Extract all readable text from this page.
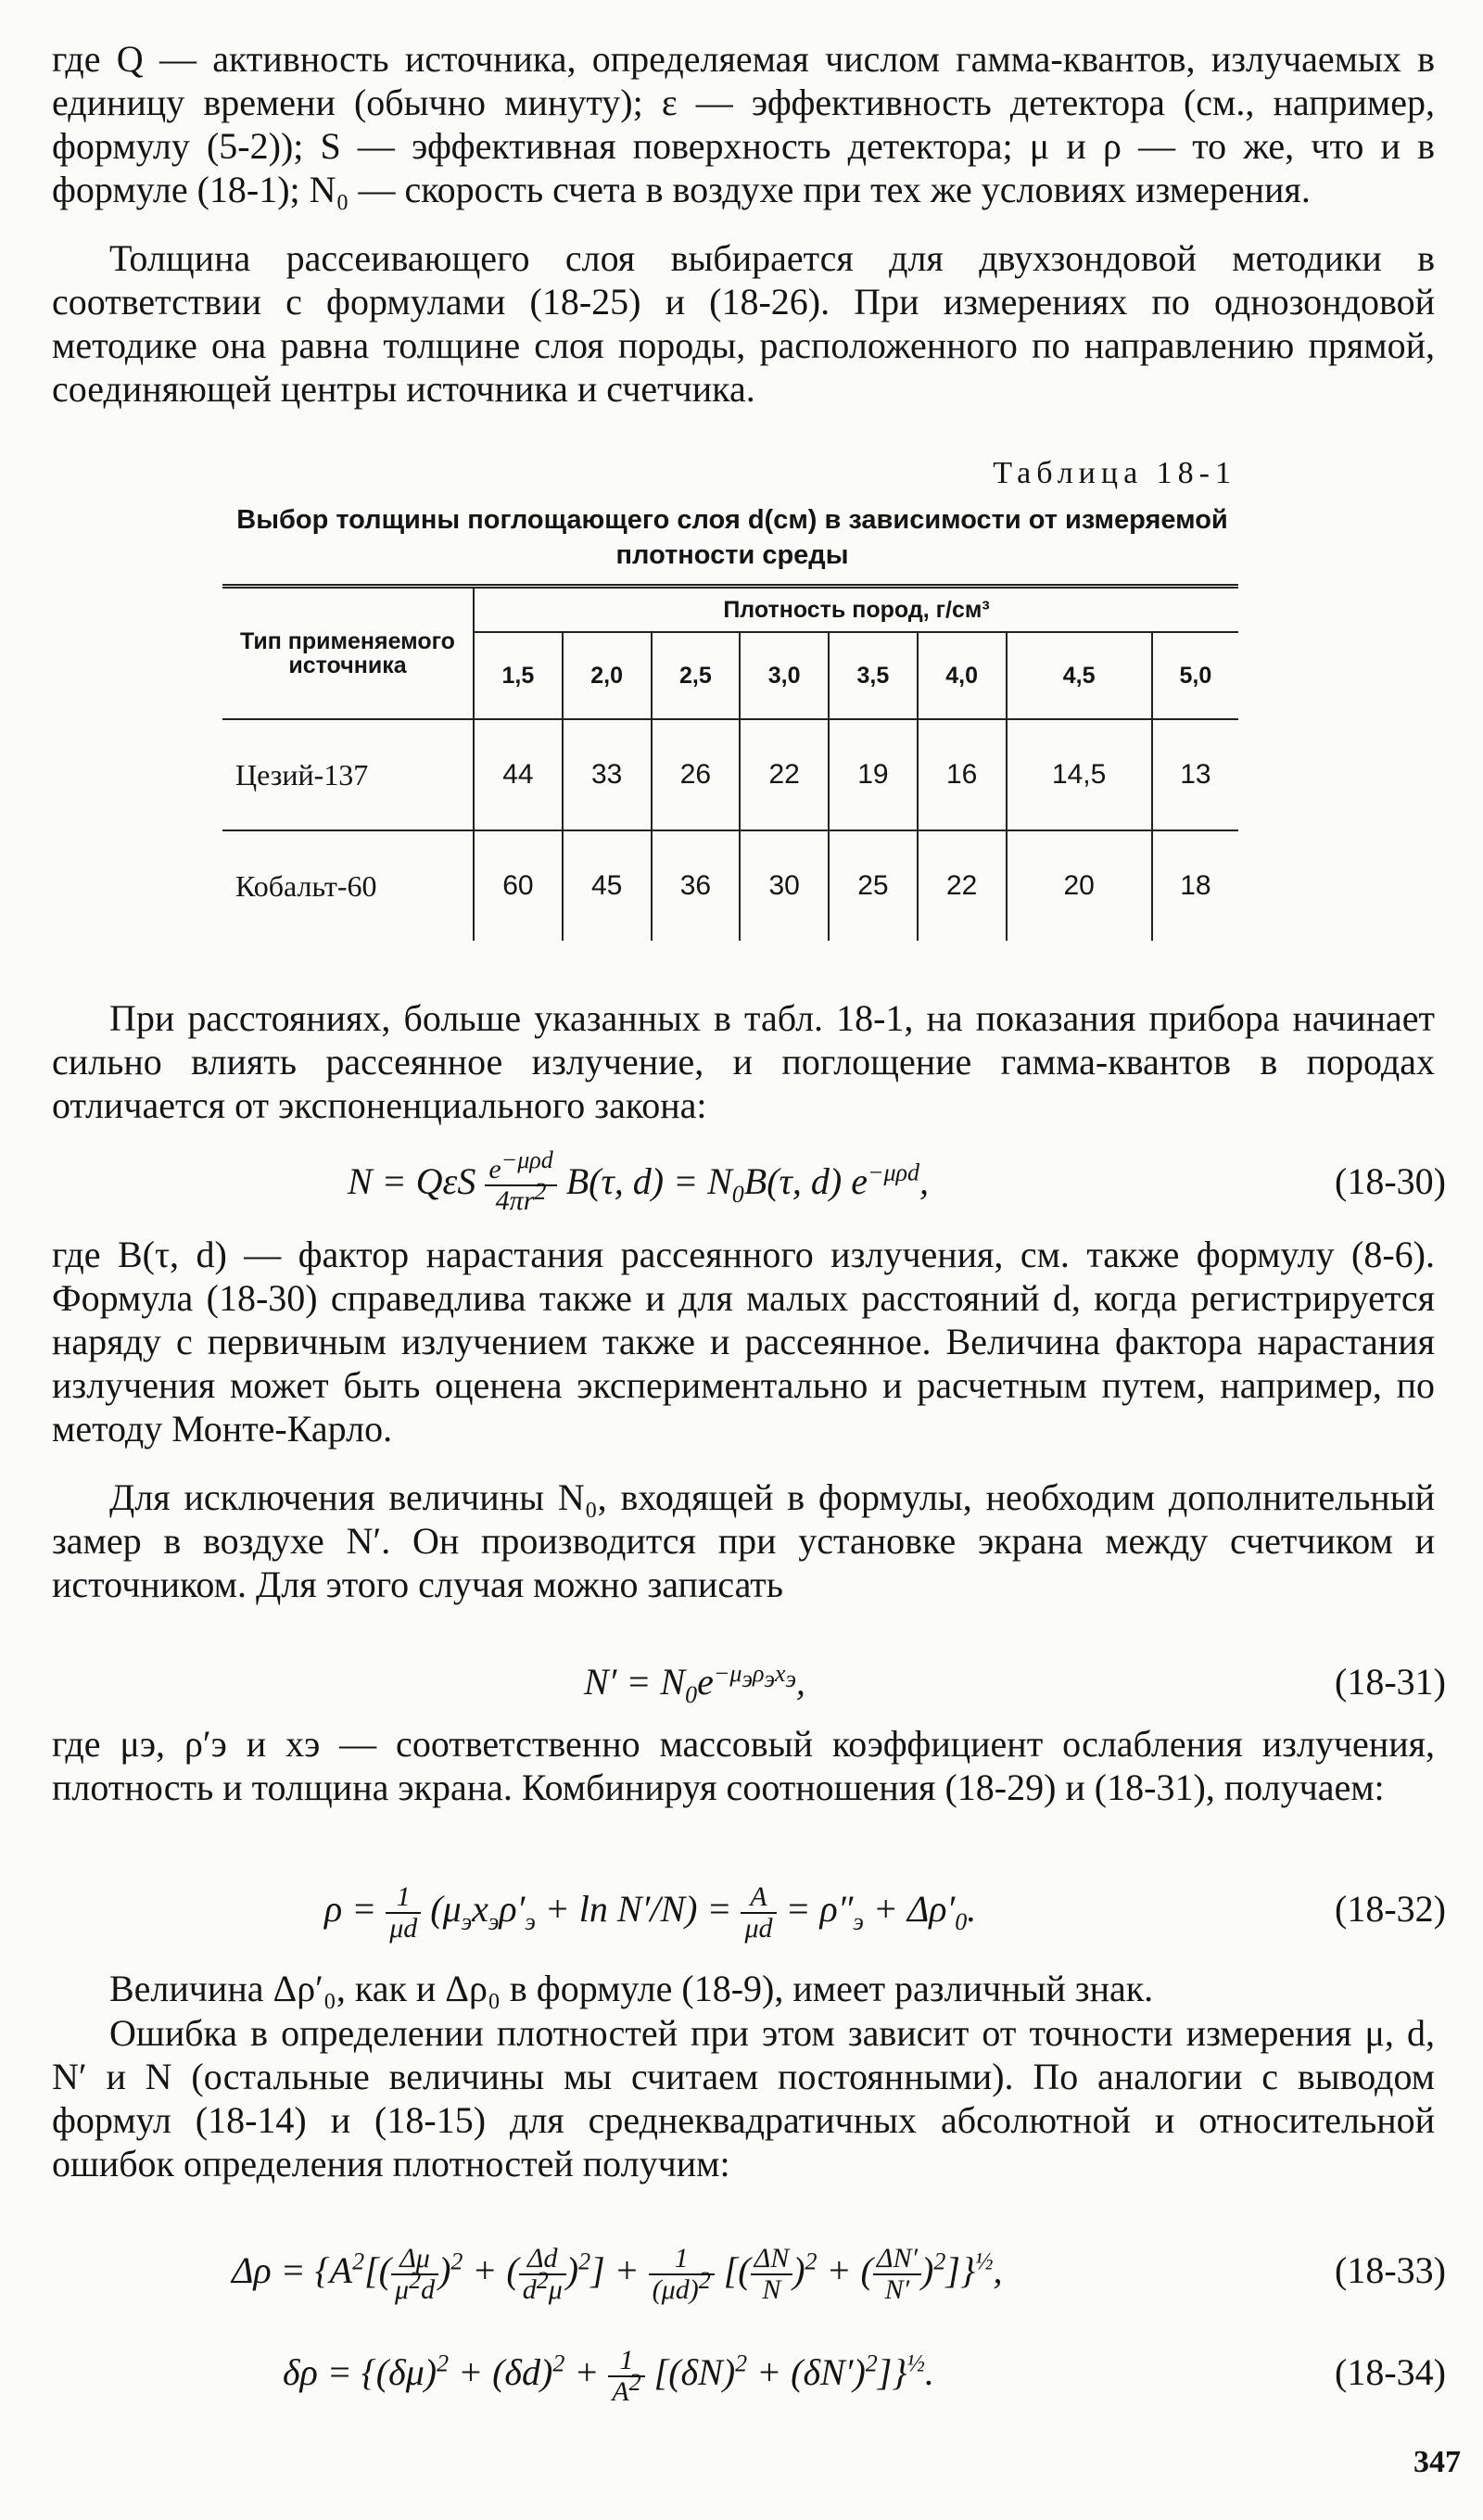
где Q — активность источника, определяемая числом гамма-квантов, излучаемых в единицу времени (обычно минуту); ε — эффективность детектора (см., например, формулу (5-2)); S — эффективная поверхность детектора; μ и ρ — то же, что и в формуле (18-1); N₀ — скорость счета в воздухе при тех же условиях измерения.

Толщина рассеивающего слоя выбирается для двухзондовой методики в соответствии с формулами (18-25) и (18-26). При измерениях по однозондовой методике она равна толщине слоя породы, расположенного по направлению прямой, соединяющей центры источника и счетчика.

Таблица 18-1
Выбор толщины поглощающего слоя d(см) в зависимости от измеряемой плотности среды
Тип применяемого источника	Плотность пород, г/см³							
	1,5	2,0	2,5	3,0	3,5	4,0	4,5	5,0
Цезий-137	44	33	26	22	19	16	14,5	13
Кобальт-60	60	45	36	30	25	22	20	18

При расстояниях, больше указанных в табл. 18-1, на показания прибора начинает сильно влиять рассеянное излучение, и поглощение гамма-квантов в породах отличается от экспоненциального закона:

N = QεS $\frac{e^{-\mu\rho d}}{4\pi r^2} B(\tau$, $d) = N_0B(\tau$, d) $e^{-\mu\rho d}$,	(18-30)

где B(τ, d) — фактор нарастания рассеянного излучения, см. также формулу (8-6). Формула (18-30) справедлива также и для малых расстояний d, когда регистрируется наряду с первичным излучением также и рассеянное. Величина фактора нарастания излучения может быть оценена экспериментально и расчетным путем, например, по методу Монте-Карло.

Для исключения величины N₀, входящей в формулы, необходим дополнительный замер в воздухе N′. Он производится при установке экрана между счетчиком и источником. Для этого случая можно записать

$N' = N_0e^{-\mu_э\rho_эx_э}$,	(18-31)

где μэ, ρ′э и xэ — соответственно массовый коэффициент ослабления излучения, плотность и толщина экрана. Комбинируя соотношения (18-29) и (18-31), получаем:

$\rho = \frac{1}{\mu d} (\mu_эx_э\rho'_э + \ln N'/N) = \frac{A}{\mu d} = \rho''_э + \Delta\rho'_0$.	(18-32)

Величина Δρ′₀, как и Δρ₀ в формуле (18-9), имеет различный знак.

Ошибка в определении плотностей при этом зависит от точности измерения μ, d, N′ и N (остальные величины мы считаем постоянными). По аналогии с выводом формул (18-14) и (18-15) для среднеквадратичных абсолютной и относительной ошибок определения плотностей получим:

$\Delta\rho = \{A^2[( \frac{\Delta\mu}{\mu^2d} )^2$ + ( $\frac{\Delta d}{d^2\mu} )^2] + \frac{1}{(\mu d)^2}$ [( $\frac{\Delta N}{N} )^2$ + ( $\frac{\Delta N'}{N'} )^2]\}^{\frac{1}{2}}$,	(18-33)
$\delta\rho = \{(\delta\mu)^2 + (\delta d)^2 + \frac{1}{A^2} [(\delta N)^2 + (\delta N')^2]\}^{\frac{1}{2}}$.	(18-34)
347
